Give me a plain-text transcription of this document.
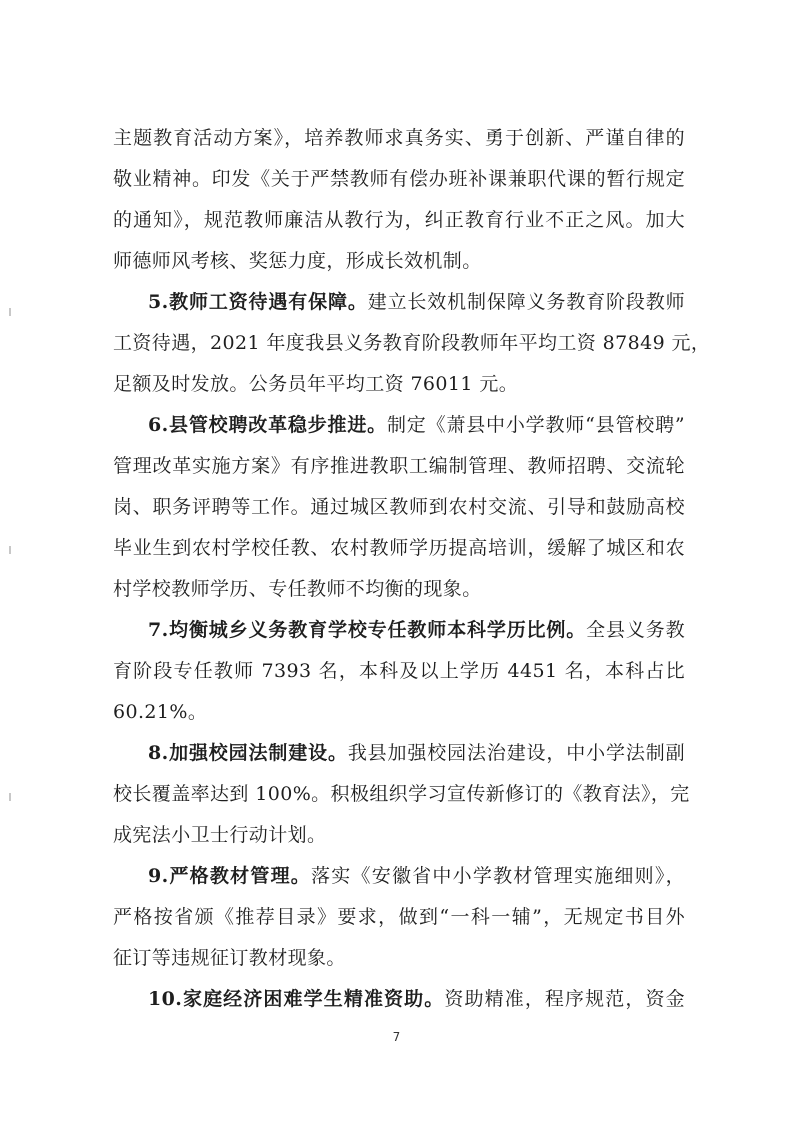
主题教育活动方案》，培养教师求真务实、勇于创新、严谨自律的
敬业精神。印发《关于严禁教师有偿办班补课兼职代课的暂行规定
的通知》，规范教师廉洁从教行为，纠正教育行业不正之风。加大
师德师风考核、奖惩力度，形成长效机制。
5.教师工资待遇有保障。建立长效机制保障义务教育阶段教师
工资待遇，2021 年度我县义务教育阶段教师年平均工资 87849 元，
足额及时发放。公务员年平均工资 76011 元。
6.县管校聘改革稳步推进。制定《萧县中小学教师“县管校聘”
管理改革实施方案》有序推进教职工编制管理、教师招聘、交流轮
岗、职务评聘等工作。通过城区教师到农村交流、引导和鼓励高校
毕业生到农村学校任教、农村教师学历提高培训，缓解了城区和农
村学校教师学历、专任教师不均衡的现象。
7.均衡城乡义务教育学校专任教师本科学历比例。全县义务教
育阶段专任教师 7393 名，本科及以上学历 4451 名，本科占比
60.21%。
8.加强校园法制建设。我县加强校园法治建设，中小学法制副
校长覆盖率达到 100%。积极组织学习宣传新修订的《教育法》，完
成宪法小卫士行动计划。
9.严格教材管理。落实《安徽省中小学教材管理实施细则》，
严格按省颁《推荐目录》要求，做到“一科一辅”，无规定书目外
征订等违规征订教材现象。
10.家庭经济困难学生精准资助。资助精准，程序规范，资金
7
